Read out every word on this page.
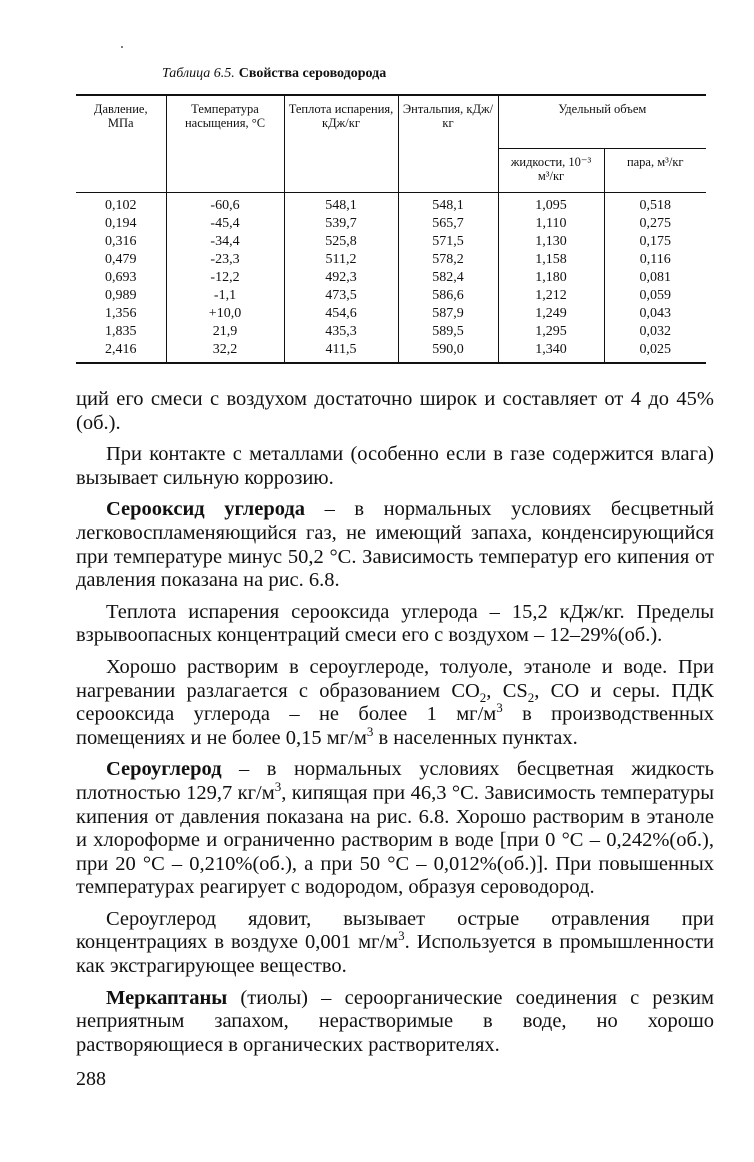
Таблица 6.5. Свойства сероводорода
Давление, МПа	Температура насыщения, °С	Теплота испарения, кДж/кг	Энтальпия, кДж/кг	Удельный объем	
				жидкости, 10⁻³ м³/кг	пара, м³/кг
0,102	-60,6	548,1	548,1	1,095	0,518
0,194	-45,4	539,7	565,7	1,110	0,275
0,316	-34,4	525,8	571,5	1,130	0,175
0,479	-23,3	511,2	578,2	1,158	0,116
0,693	-12,2	492,3	582,4	1,180	0,081
0,989	-1,1	473,5	586,6	1,212	0,059
1,356	+10,0	454,6	587,9	1,249	0,043
1,835	21,9	435,3	589,5	1,295	0,032
2,416	32,2	411,5	590,0	1,340	0,025

ций его смеси с воздухом достаточно широк и составляет от 4 до 45% (об.).

При контакте с металлами (особенно если в газе содержится влага) вызывает сильную коррозию.

Серооксид углерода – в нормальных условиях бесцветный легковоспламеняющийся газ, не имеющий запаха, конденсирующийся при температуре минус 50,2 °С. Зависимость температур его кипения от давления показана на рис. 6.8.

Теплота испарения серооксида углерода – 15,2 кДж/кг. Пределы взрывоопасных концентраций смеси его с воздухом – 12–29%(об.).

Хорошо растворим в сероуглероде, толуоле, этаноле и воде. При нагревании разлагается с образованием $CO_2$, $CS_2$, CO и серы. ПДК серооксида углерода – не более 1 $мг/м^3$ в производственных помещениях и не более 0,15 $мг/м^3$ в населенных пунктах.

Сероуглерод – в нормальных условиях бесцветная жидкость плотностью 129,7 $кг/м^3$, кипящая при 46,3 °С. Зависимость температуры кипения от давления показана на рис. 6.8. Хорошо растворим в этаноле и хлороформе и ограниченно растворим в воде [при 0 °С – 0,242%(об.), при 20 °С – 0,210%(об.), а при 50 °С – 0,012%(об.)]. При повышенных температурах реагирует с водородом, образуя сероводород.

Сероуглерод ядовит, вызывает острые отравления при концентрациях в воздухе 0,001 $мг/м^3$. Используется в промышленности как экстрагирующее вещество.

Меркаптаны (тиолы) – сероорганические соединения с резким неприятным запахом, нерастворимые в воде, но хорошо растворяющиеся в органических растворителях.

288
